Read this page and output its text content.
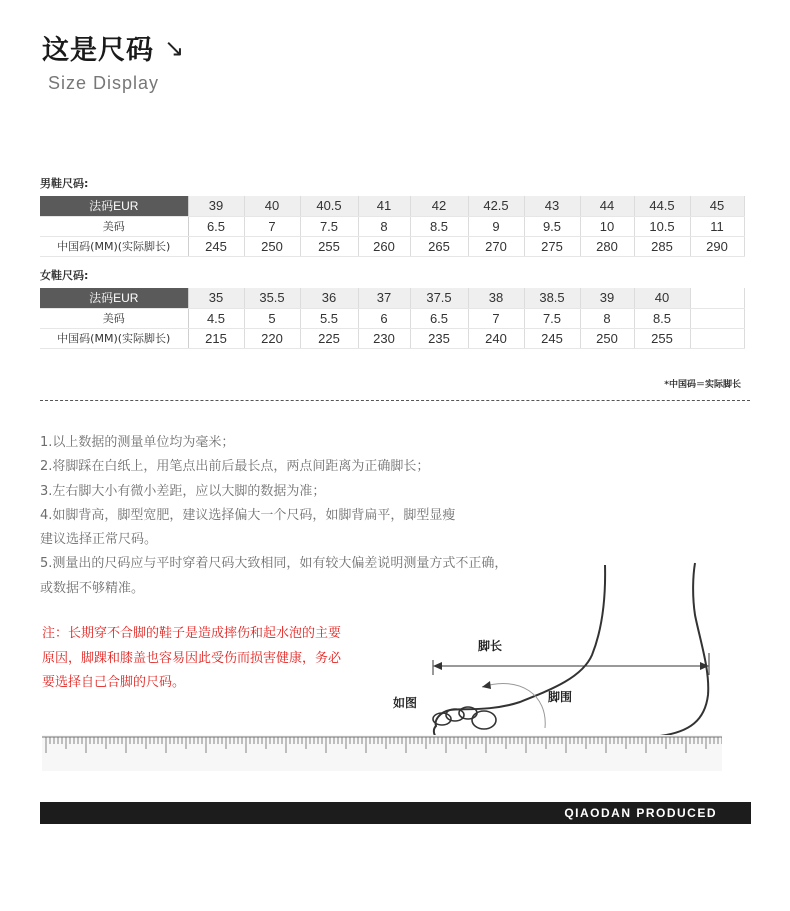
这是尺码 ↘
Size Display
男鞋尺码:
法码EUR	39	40	40.5	41	42	42.5	43	44	44.5	45
美码	6.5	7	7.5	8	8.5	9	9.5	10	10.5	11
中国码(MM)(实际脚长)	245	250	255	260	265	270	275	280	285	290
女鞋尺码:
法码EUR	35	35.5	36	37	37.5	38	38.5	39	40	
美码	4.5	5	5.5	6	6.5	7	7.5	8	8.5	
中国码(MM)(实际脚长)	215	220	225	230	235	240	245	250	255	
*中国码＝实际脚长
1.以上数据的测量单位均为毫米；
2.将脚踩在白纸上，用笔点出前后最长点，两点间距离为正确脚长；
3.左右脚大小有微小差距，应以大脚的数据为准；
4.如脚背高，脚型宽肥，建议选择偏大一个尺码，如脚背扁平，脚型显瘦
建议选择正常尺码。
5.测量出的尺码应与平时穿着尺码大致相同，如有较大偏差说明测量方式不正确，
或数据不够精准。
注：长期穿不合脚的鞋子是造成摔伤和起水泡的主要
原因，脚踝和膝盖也容易因此受伤而损害健康，务必
要选择自己合脚的尺码。
脚长
脚围
如图
QIAODAN PRODUCED
